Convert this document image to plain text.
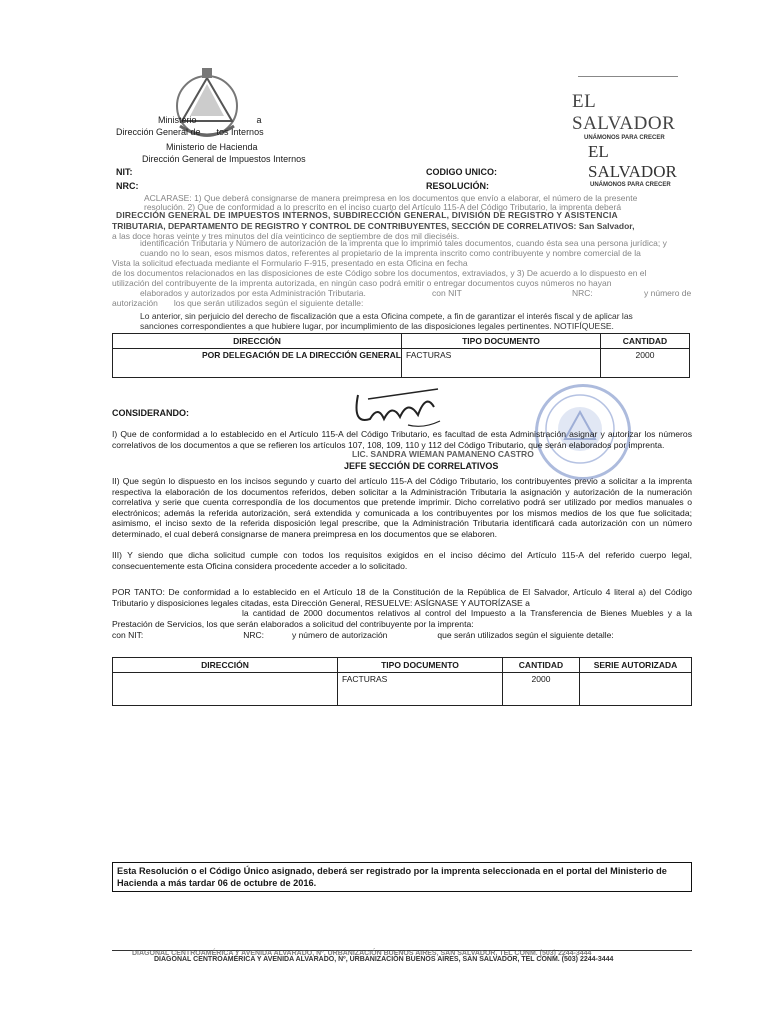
Ministerio	a
Dirección General de tos Internos
Ministerio de Hacienda
Dirección General de Impuestos Internos
EL SALVADOR
UNÁMONOS PARA CRECER
EL SALVADOR
UNÁMONOS PARA CRECER
NIT:
NRC:
CODIGO UNICO:
RESOLUCIÓN:
ACLARASE: 1) Que deberá consignarse de manera preimpresa en los documentos que envío a elaborar, el número de la presente
resolución. 2) Que de conformidad a lo prescrito en el inciso cuarto del Artículo 115-A del Código Tributario, la imprenta deberá
DIRECCIÓN GENERAL DE IMPUESTOS INTERNOS, SUBDIRECCIÓN GENERAL, DIVISIÓN DE REGISTRO Y ASISTENCIA
TRIBUTARIA, DEPARTAMENTO DE REGISTRO Y CONTROL DE CONTRIBUYENTES, SECCIÓN DE CORRELATIVOS: San Salvador,
a las doce horas veinte y tres minutos del día veinticinco de septiembre de dos mil dieciséis.
identificación Tributaria y Número de autorización de la imprenta que lo imprimió tales documentos, cuando ésta sea una persona jurídica; y
cuando no lo sean, esos mismos datos, referentes al propietario de la imprenta inscrito como contribuyente y nombre comercial de la
Vista la solicitud efectuada mediante el Formulario F-915, presentado en esta Oficina en fecha
de los documentos relacionados en las disposiciones de este Código sobre los documentos, extraviados, y 3) De acuerdo a lo dispuesto en el
utilización del contribuyente de la imprenta autorizada, en ningún caso podrá emitir o entregar documentos cuyos números no hayan
elaborados y autorizados por esta Administración Tributaria.	con NIT	NRC:	y número de
autorización los que serán utilizados según el siguiente detalle:
Lo anterior, sin perjuicio del derecho de fiscalización que a esta Oficina compete, a fin de garantizar el interés fiscal y de aplicar las
sanciones correspondientes a que hubiere lugar, por incumplimiento de las disposiciones legales pertinentes. NOTIFÍQUESE.
DIRECCIÓN	TIPO DOCUMENTO	CANTIDAD
POR DELEGACIÓN DE LA DIRECCIÓN GENERAL	FACTURAS	2000
LIC. SANDRA WIEMAN PAMANENO CASTRO
JEFE SECCIÓN DE CORRELATIVOS
CONSIDERANDO:
I) Que de conformidad a lo establecido en el Artículo 115-A del Código Tributario, es facultad de esta Administración asignar y autorizar los números correlativos de los documentos a que se refieren los artículos 107, 108, 109, 110 y 112 del Código Tributario, que serán elaborados por imprenta.
II) Que según lo dispuesto en los incisos segundo y cuarto del artículo 115-A del Código Tributario, los contribuyentes previo a solicitar a la imprenta respectiva la elaboración de los documentos referidos, deben solicitar a la Administración Tributaria la asignación y autorización de la numeración correlativa y serie que cuenta correspondía de los documentos que pretende imprimir. Dicho correlativo podrá ser utilizado por medios manuales o electrónicos; además la referida autorización, será extendida y comunicada a los contribuyentes por los mismos medios de los que fue solicitada; asimismo, el inciso sexto de la referida disposición legal prescribe, que la Administración Tributaria identificará cada autorización con un número determinado, el cual deberá consignarse de manera preimpresa en los documentos que se elaboren.
III) Y siendo que dicha solicitud cumple con todos los requisitos exigidos en el inciso décimo del Artículo 115-A del referido cuerpo legal, consecuentemente esta Oficina considera procedente acceder a lo solicitado.
POR TANTO: De conformidad a lo establecido en el Artículo 18 de la Constitución de la República de El Salvador, Artículo 4 literal a) del Código Tributario y disposiciones legales citadas, esta Dirección General, RESUELVE: ASÍGNASE Y AUTORÍZASE a
la cantidad de 2000 documentos relativos al control del Impuesto a la Transferencia de Bienes Muebles y a la Prestación de Servicios, los que serán elaborados a solicitud del contribuyente por la imprenta:
con NIT:	NRC:	y número de autorización	que serán utilizados según el siguiente detalle:
DIRECCIÓN	TIPO DOCUMENTO	CANTIDAD	SERIE AUTORIZADA
	FACTURAS	2000	
Esta Resolución o el Código Único asignado, deberá ser registrado por la imprenta seleccionada en el portal del Ministerio de Hacienda a más tardar 06 de octubre de 2016.
DIAGONAL CENTROAMÉRICA Y AVENIDA ALVARADO, Nº, URBANIZACIÓN BUENOS AIRES, SAN SALVADOR, TEL CONM. (503) 2244-3444
DIAGONAL CENTROAMÉRICA Y AVENIDA ALVARADO, Nº, URBANIZACIÓN BUENOS AIRES, SAN SALVADOR, TEL CONM. (503) 2244-3444
